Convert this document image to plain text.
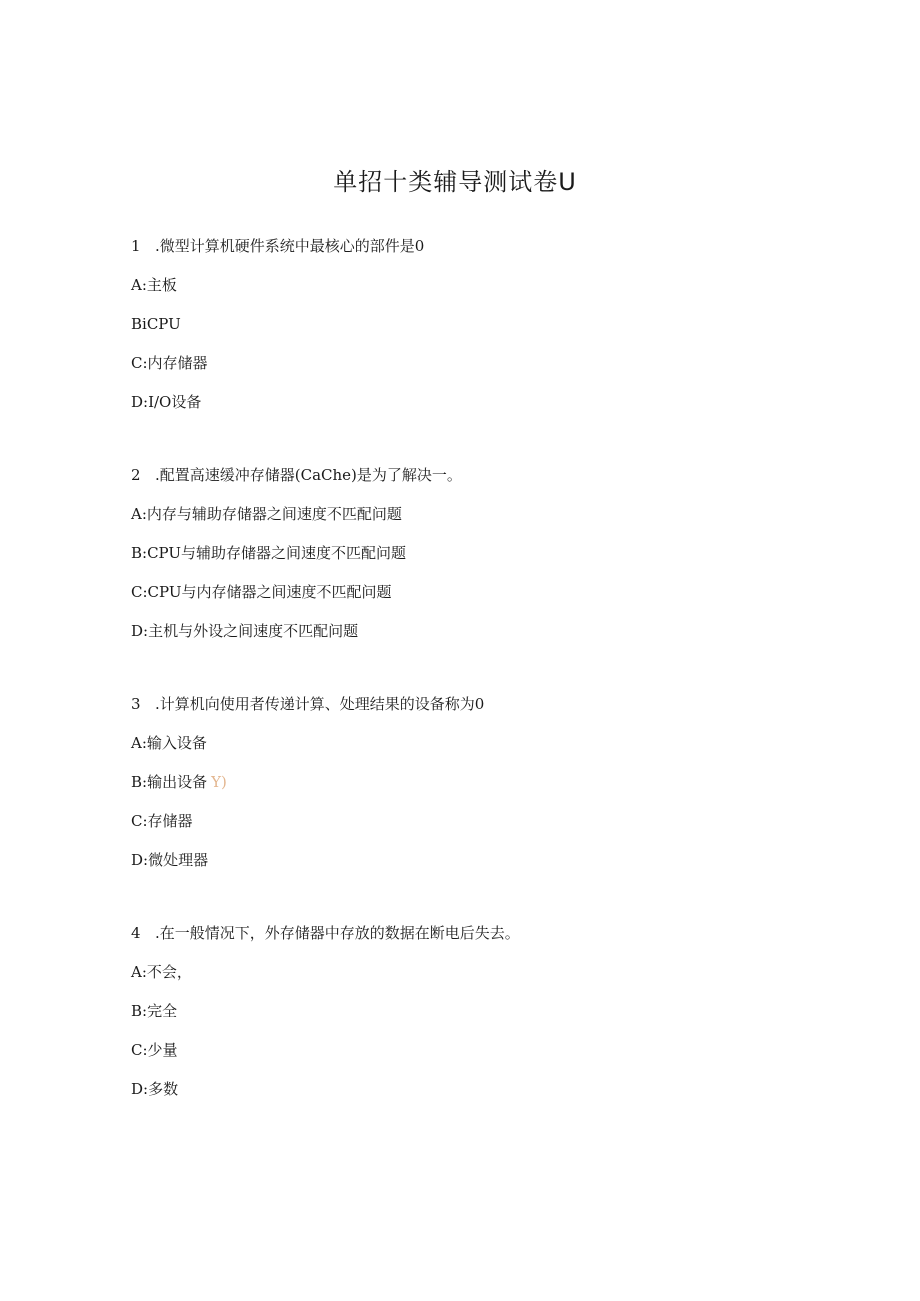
单招十类辅导测试卷U
1 .微型计算机硬件系统中最核心的部件是0
A:主板
BiCPU
C:内存储器
D:I/O设备
2 .配置高速缓冲存储器(CaChe)是为了解决一。
A:内存与辅助存储器之间速度不匹配问题
B:CPU与辅助存储器之间速度不匹配问题
C:CPU与内存储器之间速度不匹配问题
D:主机与外设之间速度不匹配问题
3 .计算机向使用者传递计算、处理结果的设备称为0
A:输入设备
B:输出设备 Y)
C:存储器
D:微处理器
4 .在一般情况下，外存储器中存放的数据在断电后失去。
A:不会，
B:完全
C:少量
D:多数
